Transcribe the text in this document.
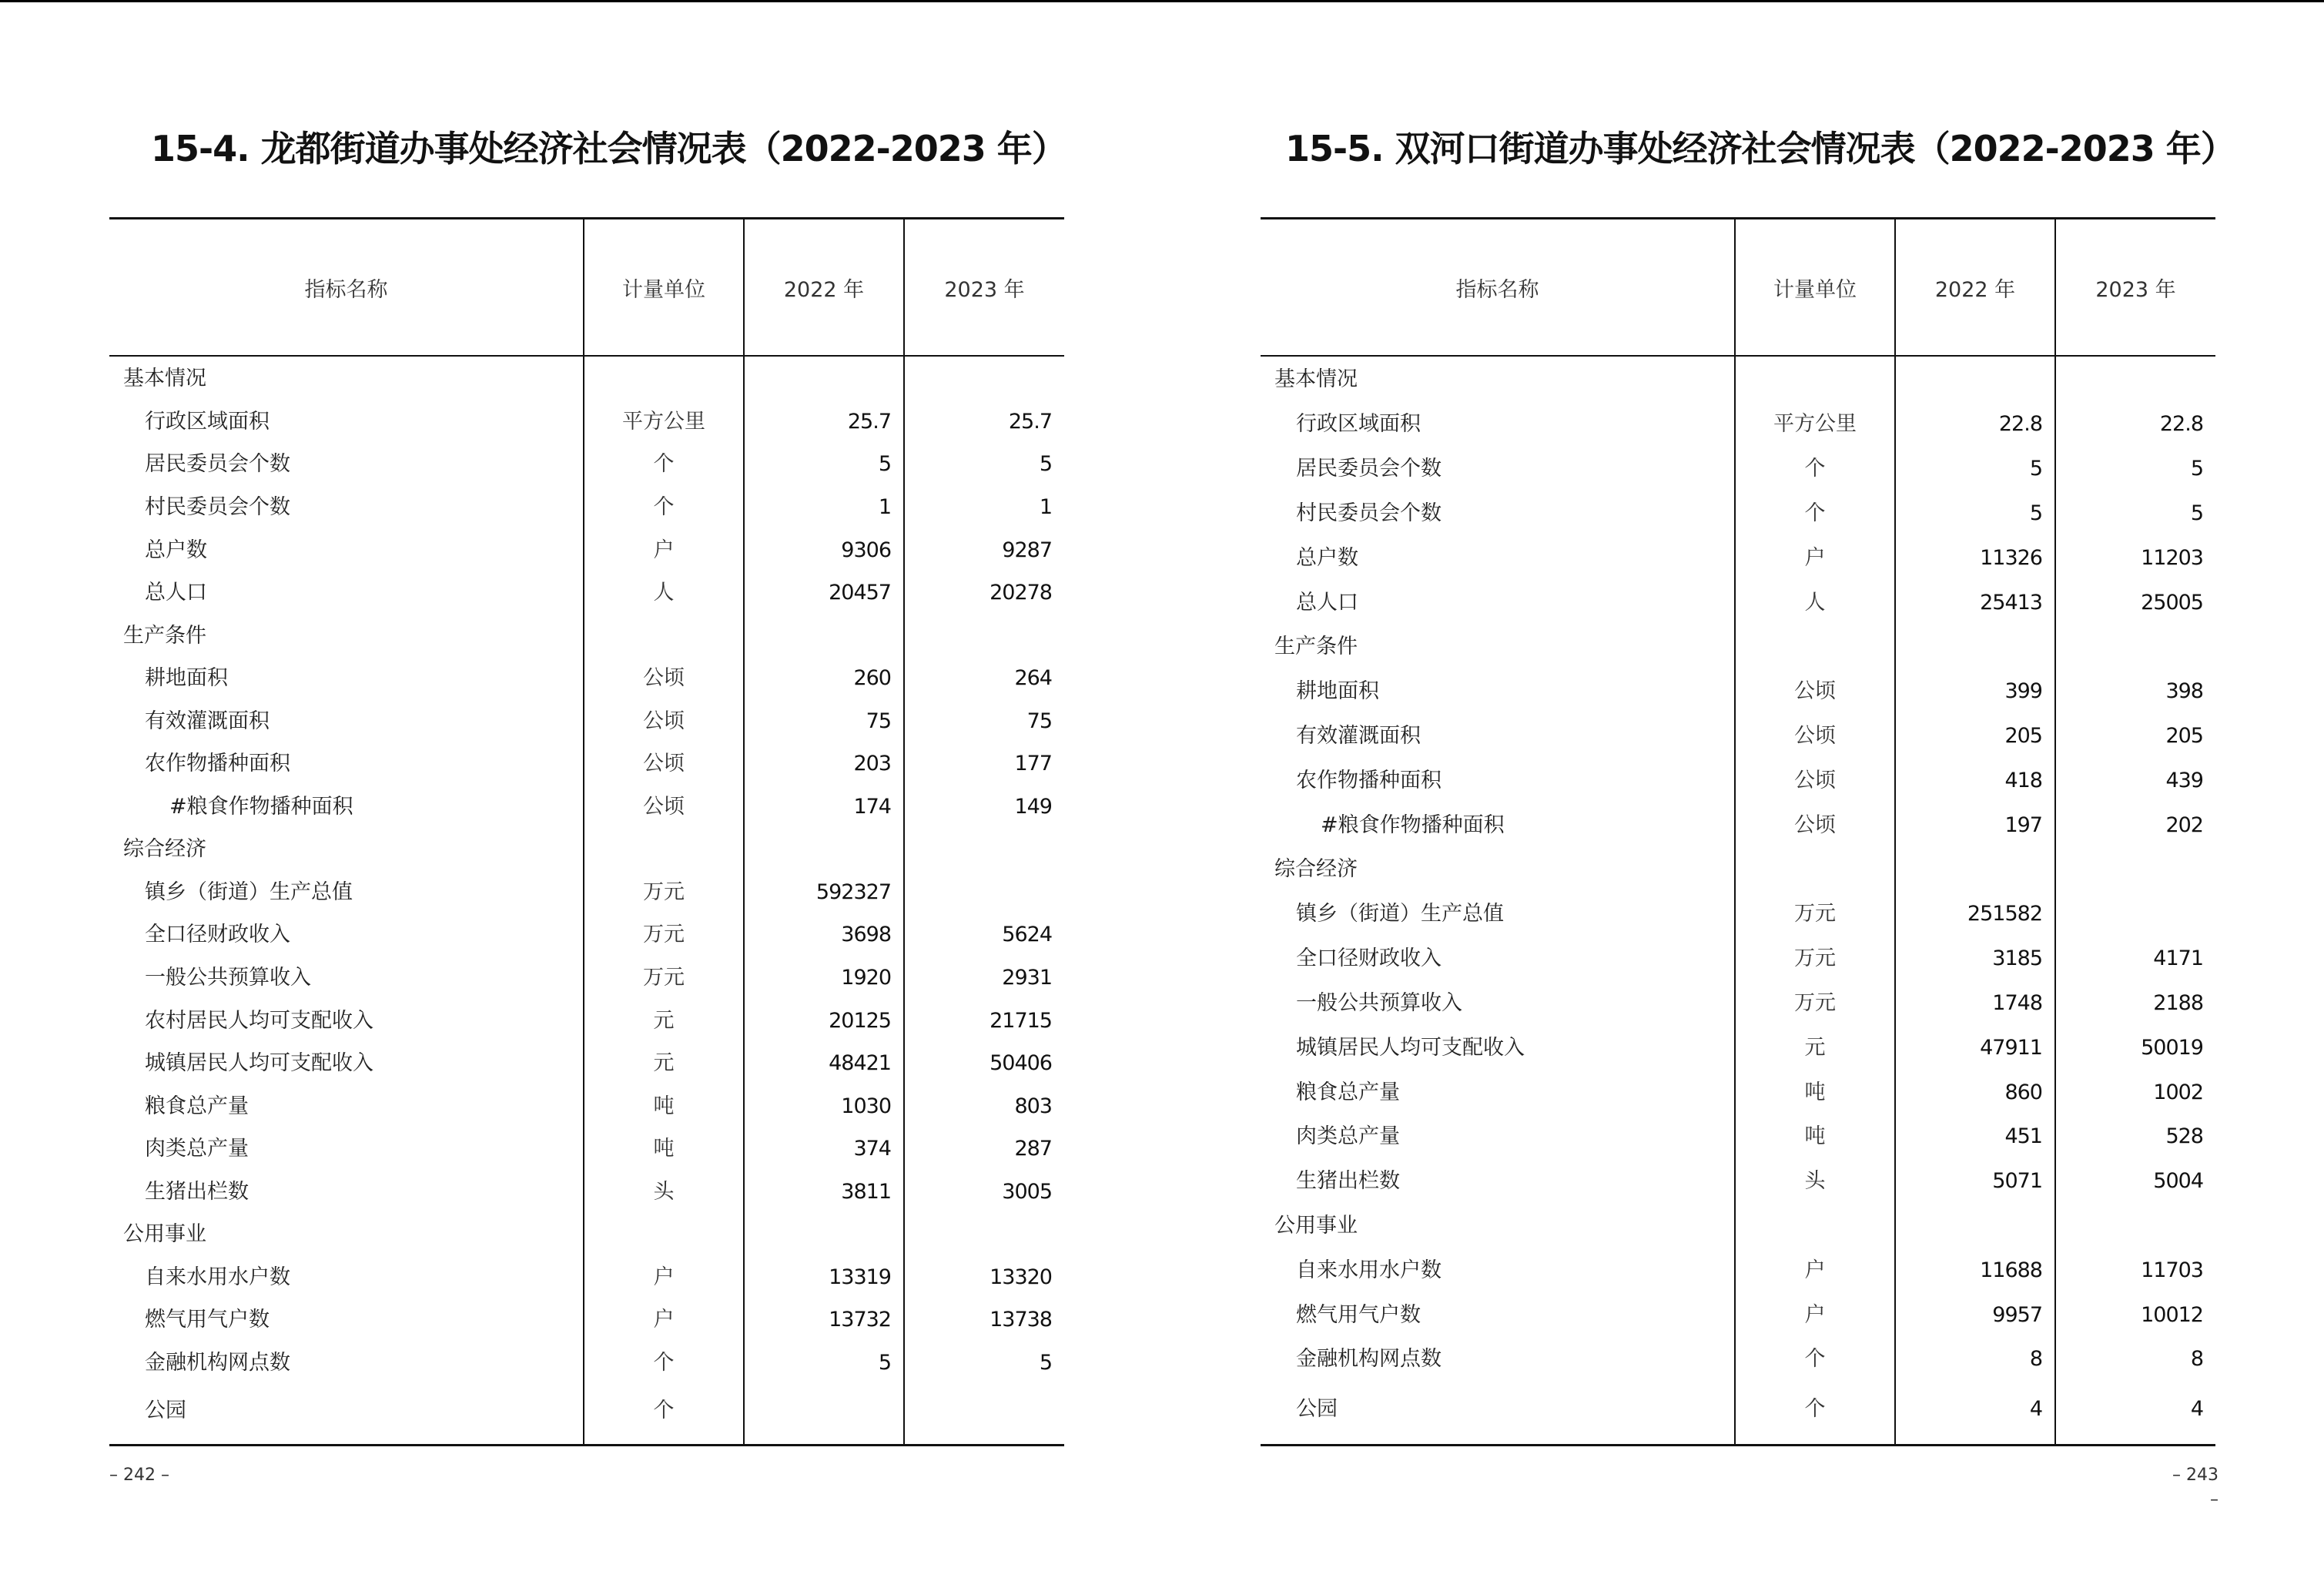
15-4. 龙都街道办事处经济社会情况表（2022-2023 年）
指标名称	计量单位	2022 年	2023 年
基本情况			
行政区域面积	平方公里	25.7	25.7
居民委员会个数	个	5	5
村民委员会个数	个	1	1
总户数	户	9306	9287
总人口	人	20457	20278
生产条件			
耕地面积	公顷	260	264
有效灌溉面积	公顷	75	75
农作物播种面积	公顷	203	177
#粮食作物播种面积	公顷	174	149
综合经济			
镇乡（街道）生产总值	万元	592327	
全口径财政收入	万元	3698	5624
一般公共预算收入	万元	1920	2931
农村居民人均可支配收入	元	20125	21715
城镇居民人均可支配收入	元	48421	50406
粮食总产量	吨	1030	803
肉类总产量	吨	374	287
生猪出栏数	头	3811	3005
公用事业			
自来水用水户数	户	13319	13320
燃气用气户数	户	13732	13738
金融机构网点数	个	5	5
公园	个		
– 242 –
15-5. 双河口街道办事处经济社会情况表（2022-2023 年）
指标名称	计量单位	2022 年	2023 年
基本情况			
行政区域面积	平方公里	22.8	22.8
居民委员会个数	个	5	5
村民委员会个数	个	5	5
总户数	户	11326	11203
总人口	人	25413	25005
生产条件			
耕地面积	公顷	399	398
有效灌溉面积	公顷	205	205
农作物播种面积	公顷	418	439
#粮食作物播种面积	公顷	197	202
综合经济			
镇乡（街道）生产总值	万元	251582	
全口径财政收入	万元	3185	4171
一般公共预算收入	万元	1748	2188
城镇居民人均可支配收入	元	47911	50019
粮食总产量	吨	860	1002
肉类总产量	吨	451	528
生猪出栏数	头	5071	5004
公用事业			
自来水用水户数	户	11688	11703
燃气用气户数	户	9957	10012
金融机构网点数	个	8	8
公园	个	4	4
– 243 –
